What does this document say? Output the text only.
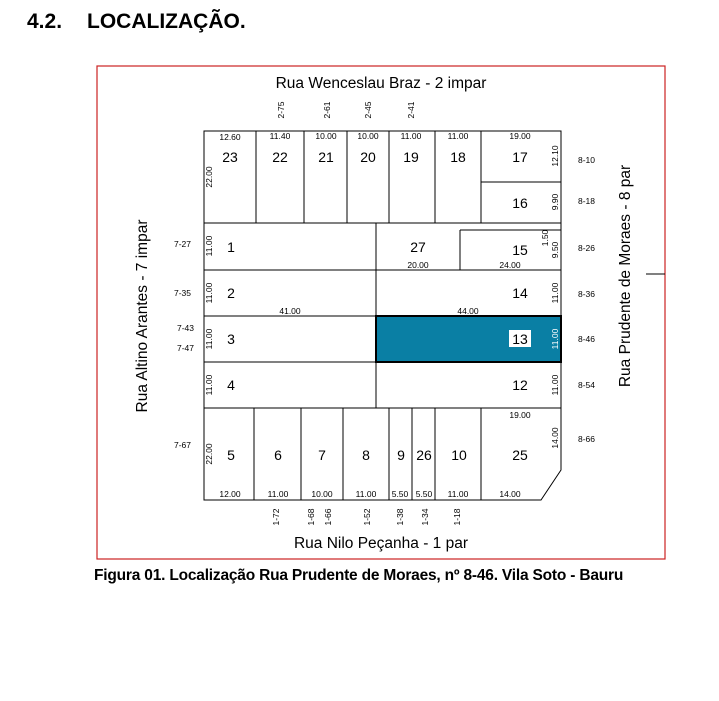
4.2. LOCALIZAÇÃO.
Rua Wenceslau Braz - 2 impar
Rua Nilo Peçanha - 1 par
Rua Altino Arantes - 7 impar	Rua Prudente de Moraes - 8 par
23 22 21 20 19 18	17
16
15
27
1
2	14
3	13
4	12
5	6	7	8 9 26 10	25
12.60	11.40	10.00 10.00	11.00	11.00	19.00
12.10
9.90
1.50
9.50
11.00
11.00
11.00
14.00
22.00
11.00
11.00
11.00
11.00
22.00
20.00	24.00
41.00	44.00
19.00
12.00	11.00	10.00	11.00 5.50 5.50 11.00	14.00
2-75	2-61	2-45	2-41
1-72	1-68 1-66	1-52	1-38 1-34	1-18
7-27
7-35
7-43
7-47
7-67
8-10
8-18
8-26
8-36
8-46
8-54
8-66
Figura 01. Localização Rua Prudente de Moraes, nº 8-46. Vila Soto - Bauru
